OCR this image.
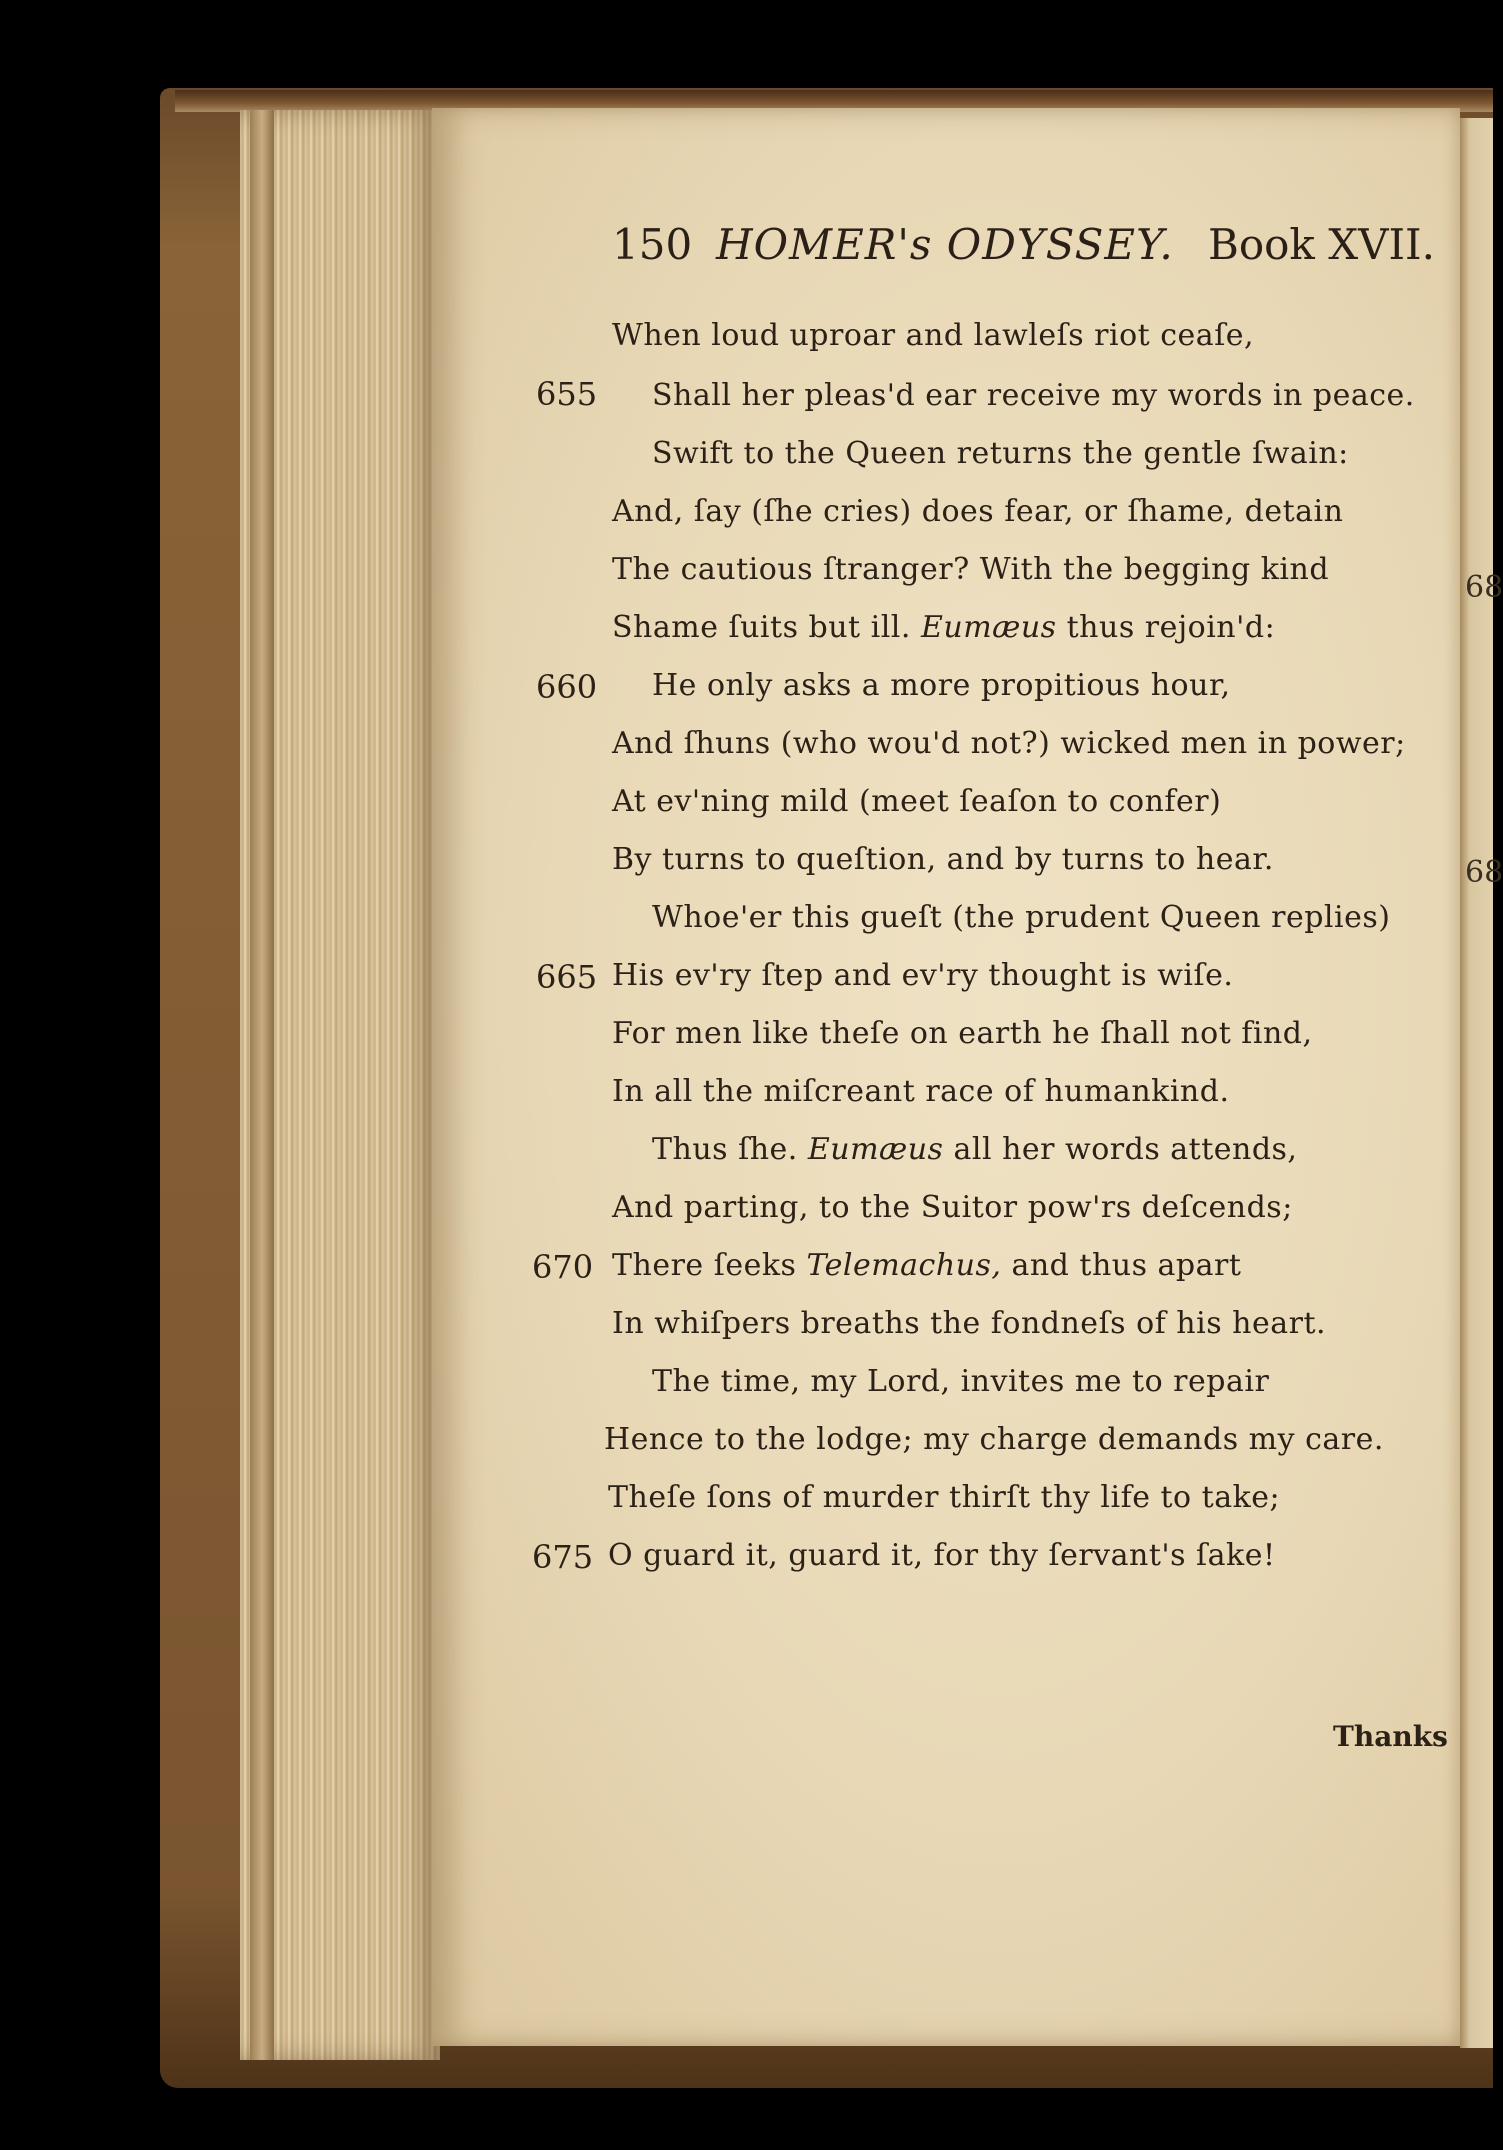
68
68
150 HOMER's ODYSSEY. Book XVII.
When loud uproar and lawleſs riot ceaſe,
655 Shall her pleas'd ear receive my words in peace.
Swift to the Queen returns the gentle ſwain:
And, ſay (ſhe cries) does fear, or ſhame, detain
The cautious ſtranger? With the begging kind
Shame ſuits but ill. Eumæus thus rejoin'd:
660 He only asks a more propitious hour,
And ſhuns (who wou'd not?) wicked men in power;
At ev'ning mild (meet ſeaſon to confer)
By turns to queſtion, and by turns to hear.
Whoe'er this gueſt (the prudent Queen replies)
665 His ev'ry ſtep and ev'ry thought is wiſe.
For men like theſe on earth he ſhall not find,
In all the miſcreant race of humankind.
Thus ſhe. Eumæus all her words attends,
And parting, to the Suitor pow'rs deſcends;
670 There ſeeks Telemachus, and thus apart
In whiſpers breaths the fondneſs of his heart.
The time, my Lord, invites me to repair
Hence to the lodge; my charge demands my care.
Theſe ſons of murder thirſt thy life to take;
675 O guard it, guard it, for thy ſervant's ſake!
Thanks
